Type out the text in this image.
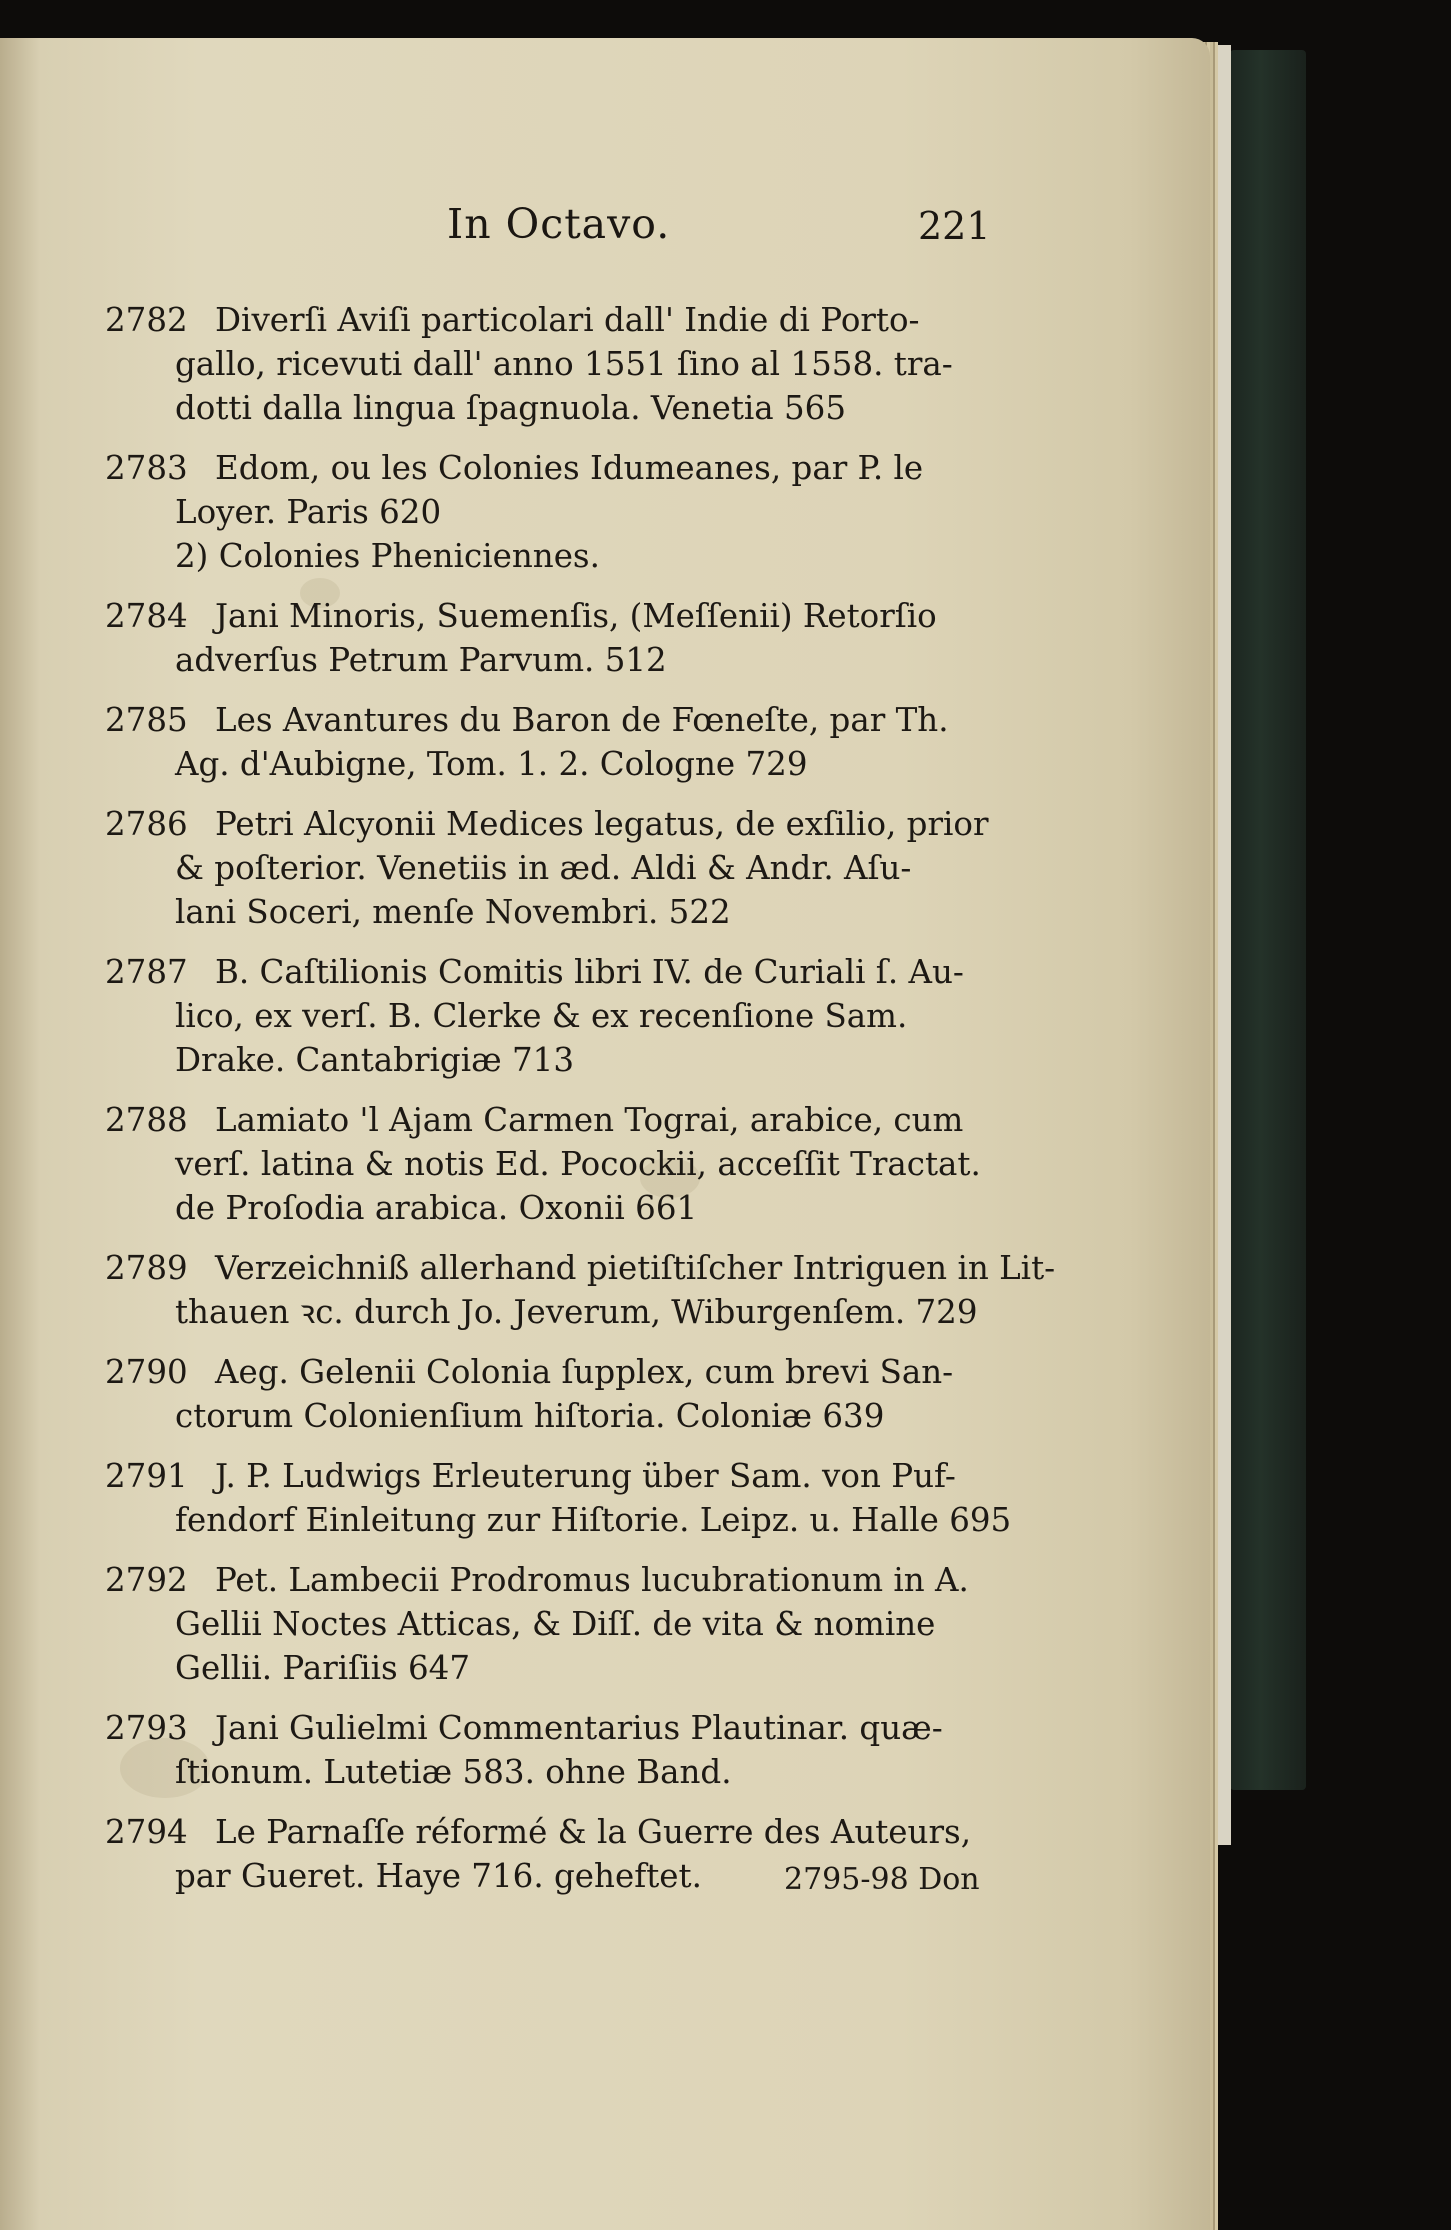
In Octavo.	221
2782 Diverſi Aviſi particolari dall' Indie di Porto-
gallo, ricevuti dall' anno 1551 ſino al 1558. tra-
dotti dalla lingua ſpagnuola. Venetia 565
2783 Edom, ou les Colonies Idumeanes, par P. le
Loyer. Paris 620
2) Colonies Pheniciennes.
2784 Jani Minoris, Suemenſis, (Meſſenii) Retorſio
adverſus Petrum Parvum. 512
2785 Les Avantures du Baron de Fœneſte, par Th.
Ag. d'Aubigne, Tom. 1. 2. Cologne 729
2786 Petri Alcyonii Medices legatus, de exſilio, prior
& poſterior. Venetiis in æd. Aldi & Andr. Aſu-
lani Soceri, menſe Novembri. 522
2787 B. Caſtilionis Comitis libri IV. de Curiali ſ. Au-
lico, ex verſ. B. Clerke & ex recenſione Sam.
Drake. Cantabrigiæ 713
2788 Lamiato 'l Ajam Carmen Tograi, arabice, cum
verſ. latina & notis Ed. Pocockii, acceſſit Tractat.
de Proſodia arabica. Oxonii 661
2789 Verzeichniß allerhand pietiſtiſcher Intriguen in Lit-
thauen ꝛc. durch Jo. Jeverum, Wiburgenſem. 729
2790 Aeg. Gelenii Colonia ſupplex, cum brevi San-
ctorum Colonienſium hiſtoria. Coloniæ 639
2791 J. P. Ludwigs Erleuterung über Sam. von Puf-
fendorf Einleitung zur Hiſtorie. Leipz. u. Halle 695
2792 Pet. Lambecii Prodromus lucubrationum in A.
Gellii Noctes Atticas, & Diſſ. de vita & nomine
Gellii. Pariſiis 647
2793 Jani Gulielmi Commentarius Plautinar. quæ-
ſtionum. Lutetiæ 583. ohne Band.
2794 Le Parnaſſe réformé & la Guerre des Auteurs,
par Gueret. Haye 716. geheftet.	2795-98 Don
